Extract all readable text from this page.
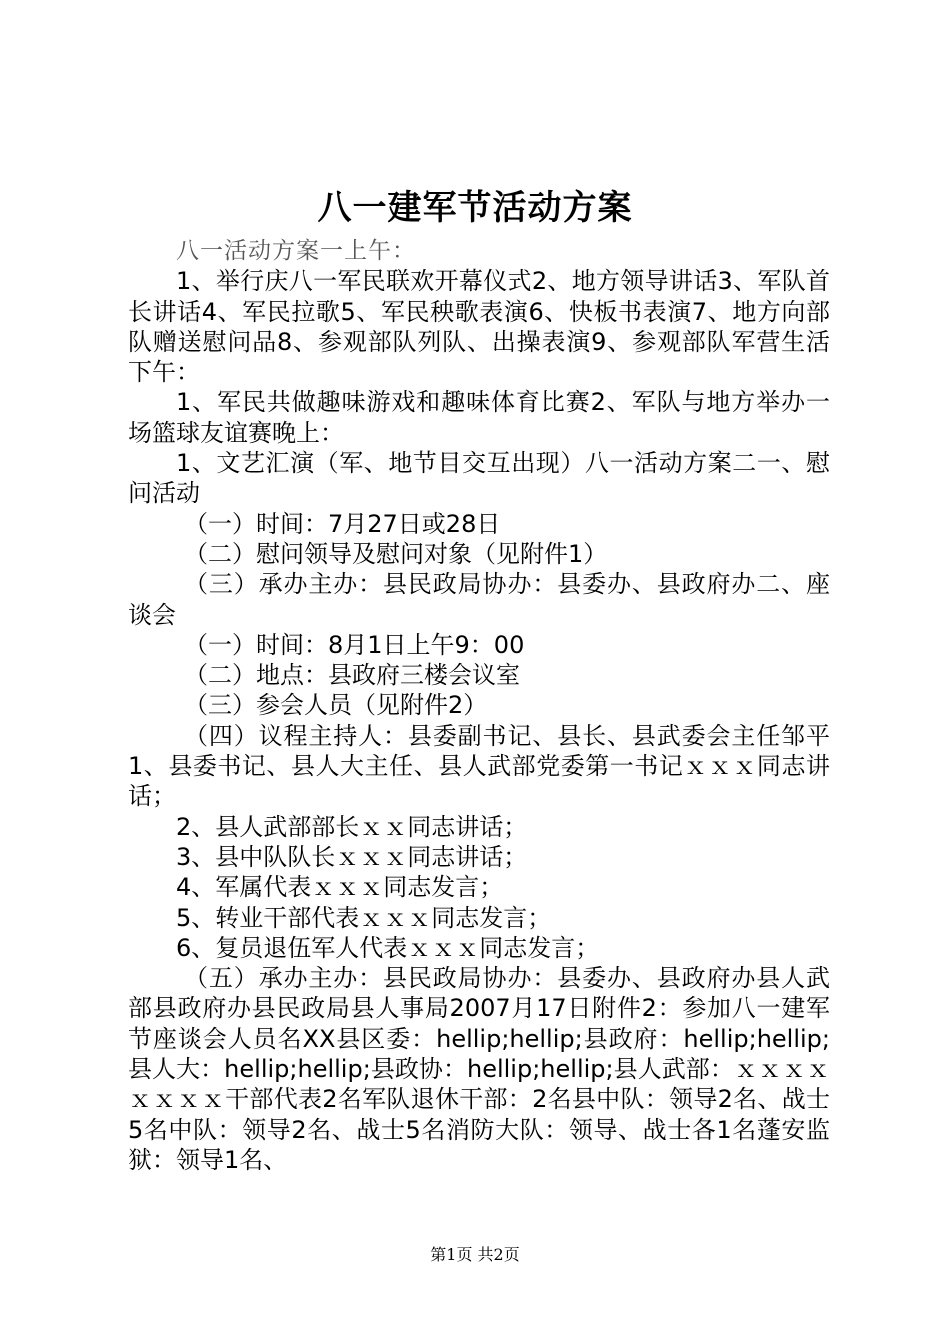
八一建军节活动方案

八一活动方案一上午：

1、举行庆八一军民联欢开幕仪式2、地方领导讲话3、军队首长讲话4、军民拉歌5、军民秧歌表演6、快板书表演7、地方向部队赠送慰问品8、参观部队列队、出操表演9、参观部队军营生活下午：

1、军民共做趣味游戏和趣味体育比赛2、军队与地方举办一场篮球友谊赛晚上：

1、文艺汇演（军、地节目交互出现）八一活动方案二一、慰问活动

（一）时间：7月27日或28日

（二）慰问领导及慰问对象（见附件1）

（三）承办主办：县民政局协办：县委办、县政府办二、座谈会

（一）时间：8月1日上午9：00

（二）地点：县政府三楼会议室

（三）参会人员（见附件2）

（四）议程主持人：县委副书记、县长、县武委会主任邹平1、县委书记、县人大主任、县人武部党委第一书记ｘｘｘ同志讲话；

2、县人武部部长ｘｘ同志讲话；

3、县中队队长ｘｘｘ同志讲话；

4、军属代表ｘｘｘ同志发言；

5、转业干部代表ｘｘｘ同志发言；

6、复员退伍军人代表ｘｘｘ同志发言；

（五）承办主办：县民政局协办：县委办、县政府办县人武部县政府办县民政局县人事局2007月17日附件2：参加八一建军节座谈会人员名XX县区委：hellip;hellip;县政府：hellip;hellip;县人大：hellip;hellip;县政协：hellip;hellip;县人武部：ｘｘｘｘｘｘｘｘ干部代表2名军队退休干部：2名县中队：领导2名、战士5名中队：领导2名、战士5名消防大队：领导、战士各1名蓬安监狱：领导1名、

第1页 共2页
